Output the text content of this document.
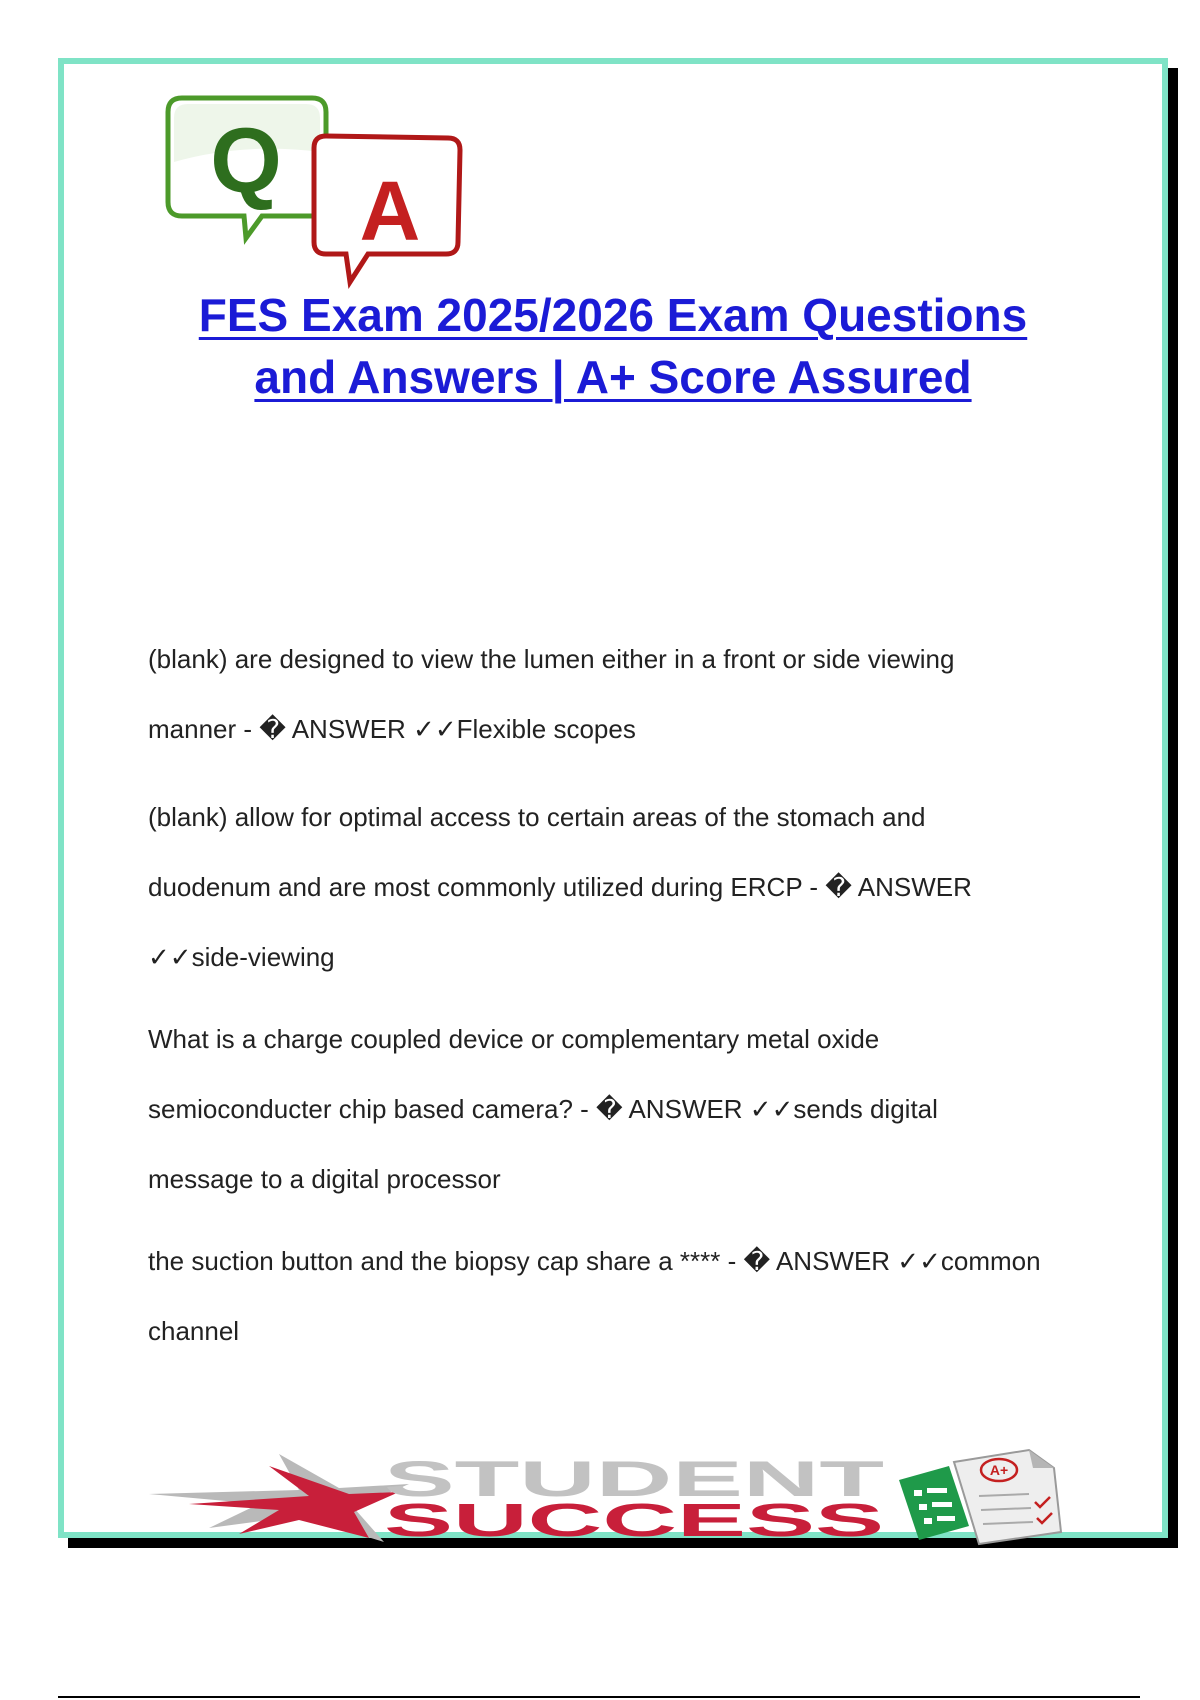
Q A
FES Exam 2025/2026 Exam Questions
and Answers | A+ Score Assured

(blank) are designed to view the lumen either in a front or side viewing manner - � ANSWER ✓✓Flexible scopes

(blank) allow for optimal access to certain areas of the stomach and duodenum and are most commonly utilized during ERCP - � ANSWER ✓✓side-viewing

What is a charge coupled device or complementary metal oxide semioconducter chip based camera? - � ANSWER ✓✓sends digital message to a digital processor

the suction button and the biopsy cap share a **** - � ANSWER ✓✓common channel

STUDENT
SUCCESS
A+
